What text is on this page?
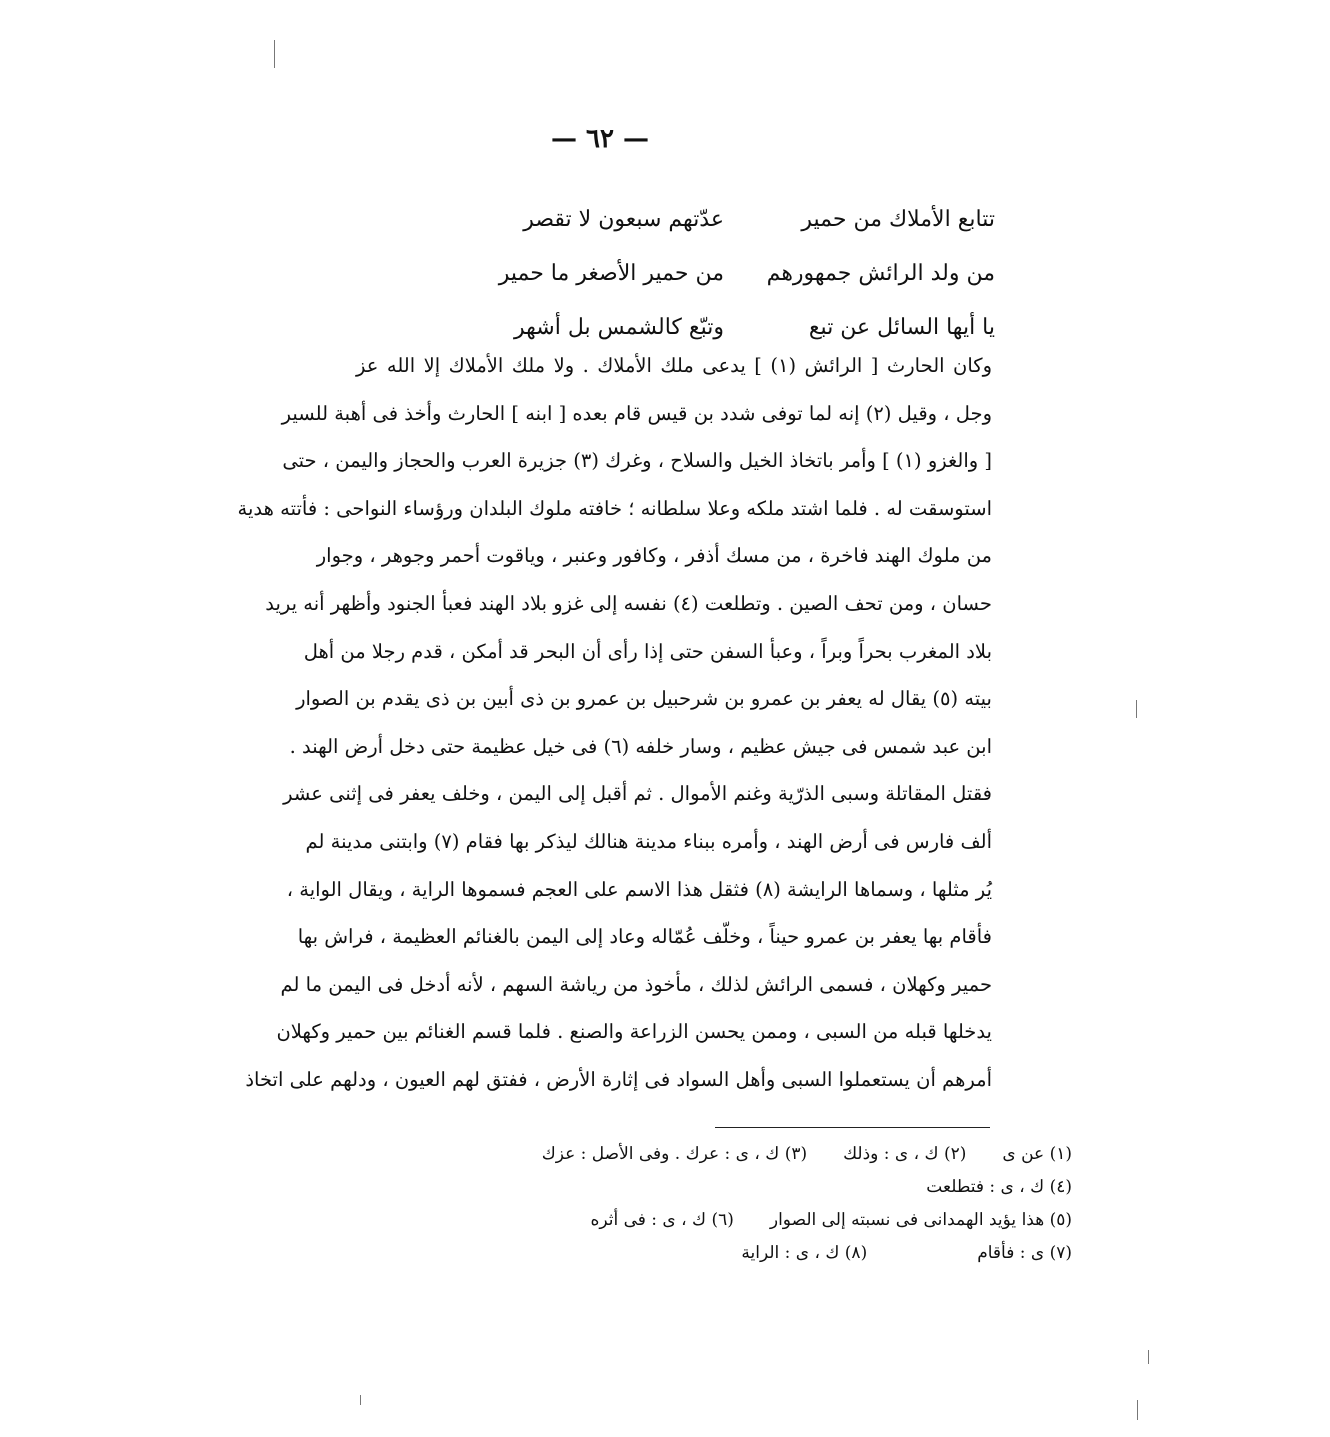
— ٦٢ —
تتابع الأملاك من حمير
عدّتهم سبعون لا تقصر
من ولد الرائش جمهورهم
من حمير الأصغر ما حمير
يا أيها السائل عن تبع
وتبّع كالشمس بل أشهر
وكان الحارث [ الرائش (١) ] يدعى ملك الأملاك . ولا ملك الأملاك إلا الله عز
وجل ، وقيل (٢) إنه لما توفى شدد بن قيس قام بعده [ ابنه ] الحارث وأخذ فى أهبة للسير
[ والغزو (١) ] وأمر باتخاذ الخيل والسلاح ، وغرك (٣) جزيرة العرب والحجاز واليمن ، حتى
استوسقت له . فلما اشتد ملكه وعلا سلطانه ؛ خافته ملوك البلدان ورؤساء النواحى : فأتته هدية
من ملوك الهند فاخرة ، من مسك أذفر ، وكافور وعنبر ، وياقوت أحمر وجوهر ، وجوار
حسان ، ومن تحف الصين . وتطلعت (٤) نفسه إلى غزو بلاد الهند فعبأ الجنود وأظهر أنه يريد
بلاد المغرب بحراً وبراً ، وعبأ السفن حتى إذا رأى أن البحر قد أمكن ، قدم رجلا من أهل
بيته (٥) يقال له يعفر بن عمرو بن شرحبيل بن عمرو بن ذى أبين بن ذى يقدم بن الصوار
ابن عبد شمس فى جيش عظيم ، وسار خلفه (٦) فى خيل عظيمة حتى دخل أرض الهند .
فقتل المقاتلة وسبى الذرّية وغنم الأموال . ثم أقبل إلى اليمن ، وخلف يعفر فى إثنى عشر
ألف فارس فى أرض الهند ، وأمره ببناء مدينة هنالك ليذكر بها فقام (٧) وابتنى مدينة لم
يُر مثلها ، وسماها الرايشة (٨) فثقل هذا الاسم على العجم فسموها الراية ، ويقال الواية ،
فأقام بها يعفر بن عمرو حيناً ، وخلّف عُمّاله وعاد إلى اليمن بالغنائم العظيمة ، فراش بها
حمير وكهلان ، فسمى الرائش لذلك ، مأخوذ من رياشة السهم ، لأنه أدخل فى اليمن ما لم
يدخلها قبله من السبى ، وممن يحسن الزراعة والصنع . فلما قسم الغنائم بين حمير وكهلان
أمرهم أن يستعملوا السبى وأهل السواد فى إثارة الأرض ، ففتق لهم العيون ، ودلهم على اتخاذ
(١) عن ى
(٢) ك ، ى : وذلك
(٣) ك ، ى : عرك . وفى الأصل : عزك
(٤) ك ، ى : فتطلعت
(٥) هذا يؤيد الهمدانى فى نسبته إلى الصوار
(٦) ك ، ى : فى أثره
(٧) ى : فأقام
(٨) ك ، ى : الراية
